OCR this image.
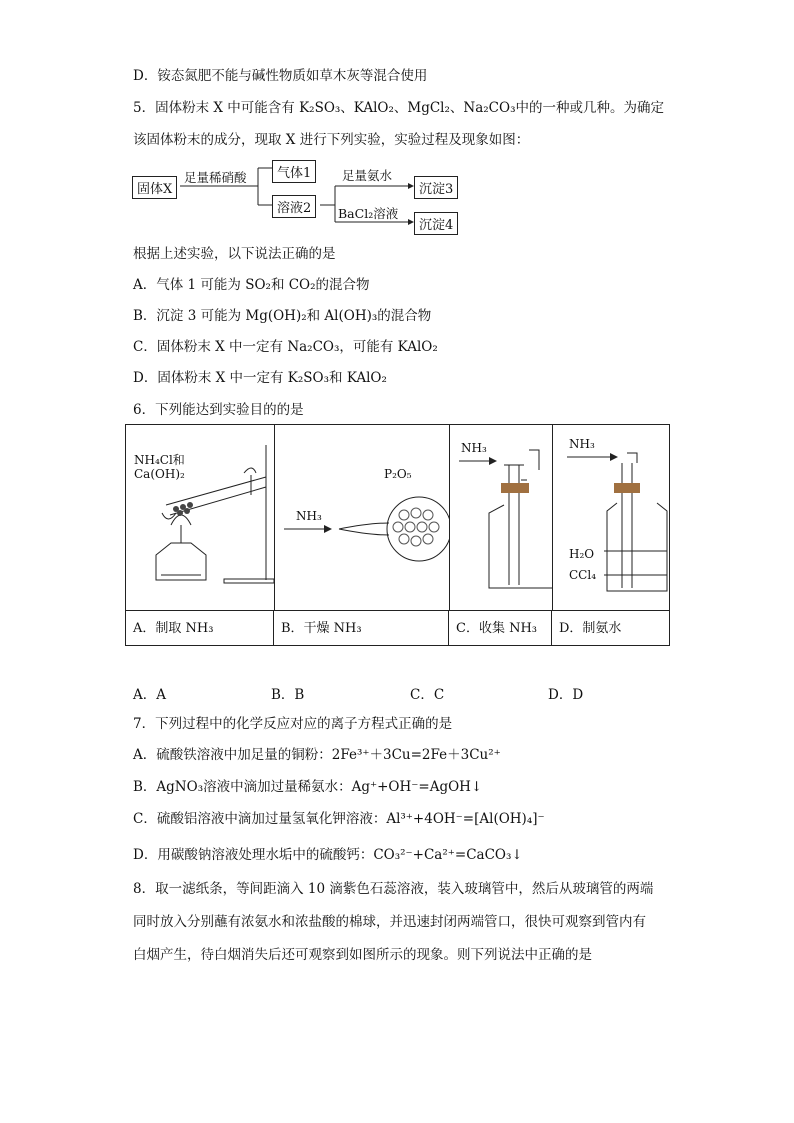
D．铵态氮肥不能与碱性物质如草木灰等混合使用
5．固体粉末 X 中可能含有 K₂SO₃、KAlO₂、MgCl₂、Na₂CO₃中的一种或几种。为确定
该固体粉末的成分，现取 X 进行下列实验，实验过程及现象如图：
固体X
足量稀硝酸	气体1
溶液2
足量氨水
BaCl₂溶液
沉淀3
沉淀4
根据上述实验，以下说法正确的是
A．气体 1 可能为 SO₂和 CO₂的混合物
B．沉淀 3 可能为 Mg(OH)₂和 Al(OH)₃的混合物
C．固体粉末 X 中一定有 Na₂CO₃，可能有 KAlO₂
D．固体粉末 X 中一定有 K₂SO₃和 KAlO₂
6．下列能达到实验目的的是
NH₄Cl和
Ca(OH)₂
A．制取 NH₃
P₂O₅
NH₃
B．干燥 NH₃
NH₃
C．收集 NH₃
NH₃
H₂O
CCl₄
D．制氨水
A．A	B．B	C．C	D．D
7．下列过程中的化学反应对应的离子方程式正确的是
A．硫酸铁溶液中加足量的铜粉：2Fe³⁺＋3Cu=2Fe＋3Cu²⁺
B．AgNO₃溶液中滴加过量稀氨水：Ag⁺+OH⁻=AgOH↓
C．硫酸铝溶液中滴加过量氢氧化钾溶液：Al³⁺+4OH⁻=[Al(OH)₄]⁻
D．用碳酸钠溶液处理水垢中的硫酸钙：CO₃²⁻+Ca²⁺=CaCO₃↓
8．取一滤纸条，等间距滴入 10 滴紫色石蕊溶液，装入玻璃管中，然后从玻璃管的两端
同时放入分别蘸有浓氨水和浓盐酸的棉球，并迅速封闭两端管口，很快可观察到管内有
白烟产生，待白烟消失后还可观察到如图所示的现象。则下列说法中正确的是
